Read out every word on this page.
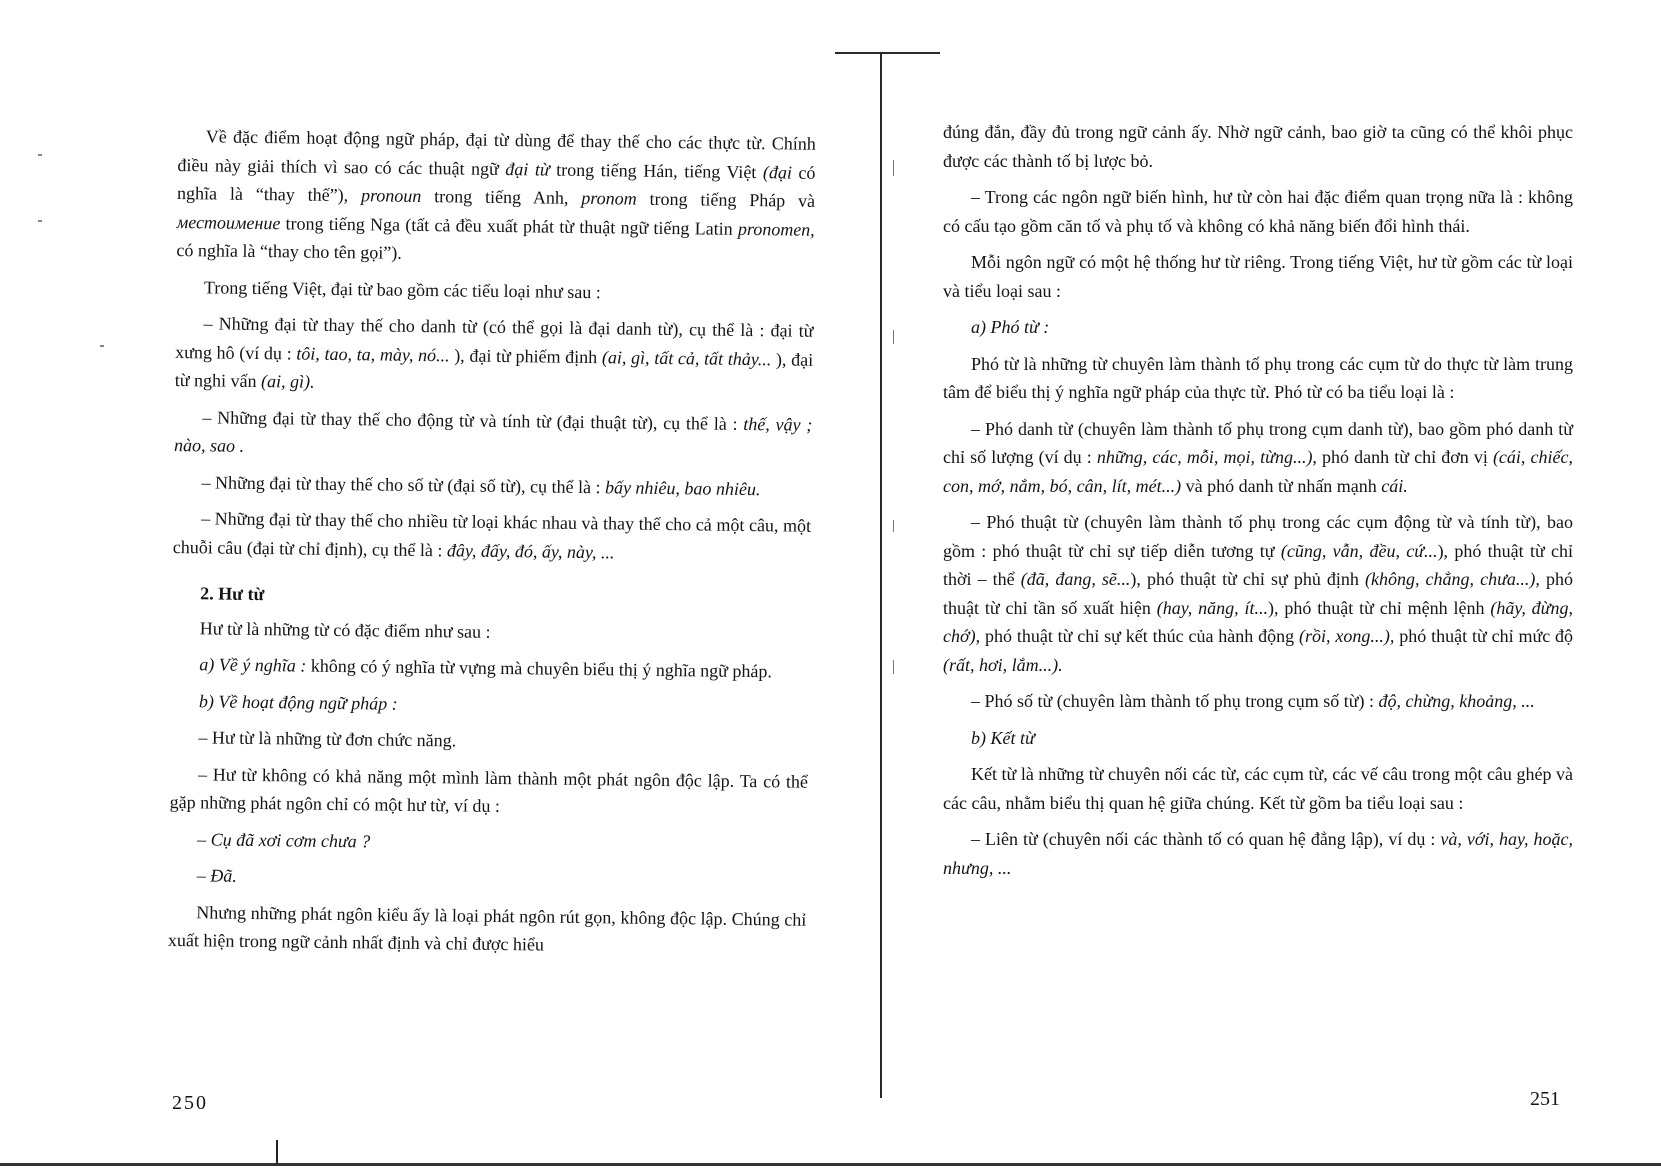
Về đặc điểm hoạt động ngữ pháp, đại từ dùng để thay thế cho các thực từ. Chính điều này giải thích vì sao có các thuật ngữ đại từ trong tiếng Hán, tiếng Việt (đại có nghĩa là “thay thế”), pronoun trong tiếng Anh, pronom trong tiếng Pháp và местоимение trong tiếng Nga (tất cả đều xuất phát từ thuật ngữ tiếng Latin pronomen, có nghĩa là “thay cho tên gọi”).

Trong tiếng Việt, đại từ bao gồm các tiểu loại như sau :

– Những đại từ thay thế cho danh từ (có thể gọi là đại danh từ), cụ thể là : đại từ xưng hô (ví dụ : tôi, tao, ta, mày, nó... ), đại từ phiếm định (ai, gì, tất cả, tất thảy... ), đại từ nghi vấn (ai, gì).

– Những đại từ thay thế cho động từ và tính từ (đại thuật từ), cụ thể là : thế, vậy ; nào, sao .

– Những đại từ thay thế cho số từ (đại số từ), cụ thể là : bấy nhiêu, bao nhiêu.

– Những đại từ thay thế cho nhiều từ loại khác nhau và thay thế cho cả một câu, một chuỗi câu (đại từ chỉ định), cụ thể là : đây, đấy, đó, ấy, này, ...

2. Hư từ

Hư từ là những từ có đặc điểm như sau :

a) Về ý nghĩa : không có ý nghĩa từ vựng mà chuyên biểu thị ý nghĩa ngữ pháp.

b) Về hoạt động ngữ pháp :

– Hư từ là những từ đơn chức năng.

– Hư từ không có khả năng một mình làm thành một phát ngôn độc lập. Ta có thể gặp những phát ngôn chỉ có một hư từ, ví dụ :

– Cụ đã xơi cơm chưa ?

– Đã.

Nhưng những phát ngôn kiểu ấy là loại phát ngôn rút gọn, không độc lập. Chúng chỉ xuất hiện trong ngữ cảnh nhất định và chỉ được hiểu

250

đúng đắn, đầy đủ trong ngữ cảnh ấy. Nhờ ngữ cảnh, bao giờ ta cũng có thể khôi phục được các thành tố bị lược bỏ.

– Trong các ngôn ngữ biến hình, hư từ còn hai đặc điểm quan trọng nữa là : không có cấu tạo gồm căn tố và phụ tố và không có khả năng biến đổi hình thái.

Mỗi ngôn ngữ có một hệ thống hư từ riêng. Trong tiếng Việt, hư từ gồm các từ loại và tiểu loại sau :

a) Phó từ :

Phó từ là những từ chuyên làm thành tố phụ trong các cụm từ do thực từ làm trung tâm để biểu thị ý nghĩa ngữ pháp của thực từ. Phó từ có ba tiểu loại là :

– Phó danh từ (chuyên làm thành tố phụ trong cụm danh từ), bao gồm phó danh từ chỉ số lượng (ví dụ : những, các, mỗi, mọi, từng...), phó danh từ chỉ đơn vị (cái, chiếc, con, mớ, nắm, bó, cân, lít, mét...) và phó danh từ nhấn mạnh cái.

– Phó thuật từ (chuyên làm thành tố phụ trong các cụm động từ và tính từ), bao gồm : phó thuật từ chỉ sự tiếp diễn tương tự (cũng, vẫn, đều, cứ...), phó thuật từ chỉ thời – thể (đã, đang, sẽ...), phó thuật từ chỉ sự phủ định (không, chẳng, chưa...), phó thuật từ chỉ tần số xuất hiện (hay, năng, ít...), phó thuật từ chỉ mệnh lệnh (hãy, đừng, chớ), phó thuật từ chỉ sự kết thúc của hành động (rồi, xong...), phó thuật từ chỉ mức độ (rất, hơi, lắm...).

– Phó số từ (chuyên làm thành tố phụ trong cụm số từ) : độ, chừng, khoảng, ...

b) Kết từ

Kết từ là những từ chuyên nối các từ, các cụm từ, các vế câu trong một câu ghép và các câu, nhằm biểu thị quan hệ giữa chúng. Kết từ gồm ba tiểu loại sau :

– Liên từ (chuyên nối các thành tố có quan hệ đẳng lập), ví dụ : và, với, hay, hoặc, nhưng, ...

251
